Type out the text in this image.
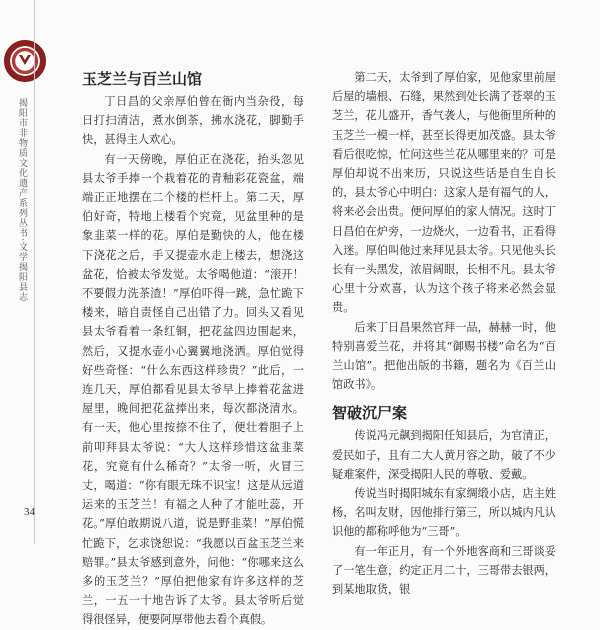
揭阳市非物质文化遗产系列丛书·文学揭阳县志
34
玉芝兰与百兰山馆

丁日昌的父亲厚伯曾在衙内当杂役，每日打扫清洁，煮水倒茶，拂水浇花，脚勤手快，甚得主人欢心。

有一天傍晚，厚伯正在浇花，抬头忽见县太爷手捧一个栽着花的青釉彩花瓷盆，端端正正地摆在二个楼的栏杆上。第二天，厚伯好奇，特地上楼看个究竟，见盆里种的是象韭菜一样的花。厚伯是勤快的人，他在楼下浇花之后，手又提壶水走上楼去，想浇这盆花，恰被太爷发觉。太爷喝他道：“滚开！不要假力洗茶渣！”厚伯吓得一跳，急忙跪下楼来，暗自责怪自己出错了力。回头又看见县太爷看着一条红铜，把花盆四边围起来，然后，又提水壶小心翼翼地浇洒。厚伯觉得好些奇怪：“什么东西这样珍贵？”此后，一连几天，厚伯都看见县太爷早上捧着花盆进屋里，晚间把花盆捧出来，每次都浇清水。有一天，他心里按捺不住了，便壮着胆子上前叩拜县太爷说：“大人这样珍惜这盆韭菜花，究竟有什么稀奇？”太爷一听，火冒三丈，喝道：“你有眼无珠不识宝！这是从远道运来的玉芝兰！有福之人种了才能吐蕊，开花。”厚伯敢期说八道，说是野韭菜！”厚伯慌忙跪下，乞求饶恕说：“我愿以百盆玉芝兰来赔罪。”县太爷感到意外，问他：“你哪来这么多的玉芝兰？”厚伯把他家有许多这样的芝兰，一五一十地告诉了太爷。县太爷听后觉得很怪异，便要阿厚带他去看个真假。

第二天，太爷到了厚伯家，见他家里前屋后屋的墙根、石缝，果然到处长满了苍翠的玉芝兰，花儿盛开，香气袭人，与他衙里所种的玉芝兰一模一样，甚至长得更加茂盛。县太爷看后很吃惊，忙问这些兰花从哪里来的？可是厚伯却说不出来历，只说这些话是自生自长的，县太爷心中明白：这家人是有福气的人，将来必会出贵。便问厚伯的家人情况。这时丁日昌伯在炉旁，一边烧火，一边看书，正看得入迷。厚伯叫他过来拜见县太爷。只见他头长长有一头黑发，浓眉阔眼，长相不凡。县太爷心里十分欢喜，认为这个孩子将来必然会显贵。

后来丁日昌果然官拜一品，赫赫一时，他特别喜爱兰花，并将其“御赐书楼”命名为“百兰山馆”。把他出版的书籍，题名为《百兰山馆政书》。

智破沉尸案

传说冯元飙到揭阳任知县后，为官清正，爱民如子，且有二大人黄月容之助，破了不少疑难案件，深受揭阳人民的尊敬、爱戴。

传说当时揭阳城东有家绸缎小店，店主姓杨，名叫友财，因他排行第三，所以城内凡认识他的都称呼他为“三哥”。

有一年正月，有一个外地客商和三哥谈妥了一笔生意，约定正月二十，三哥带去银两，到某地取货，银
